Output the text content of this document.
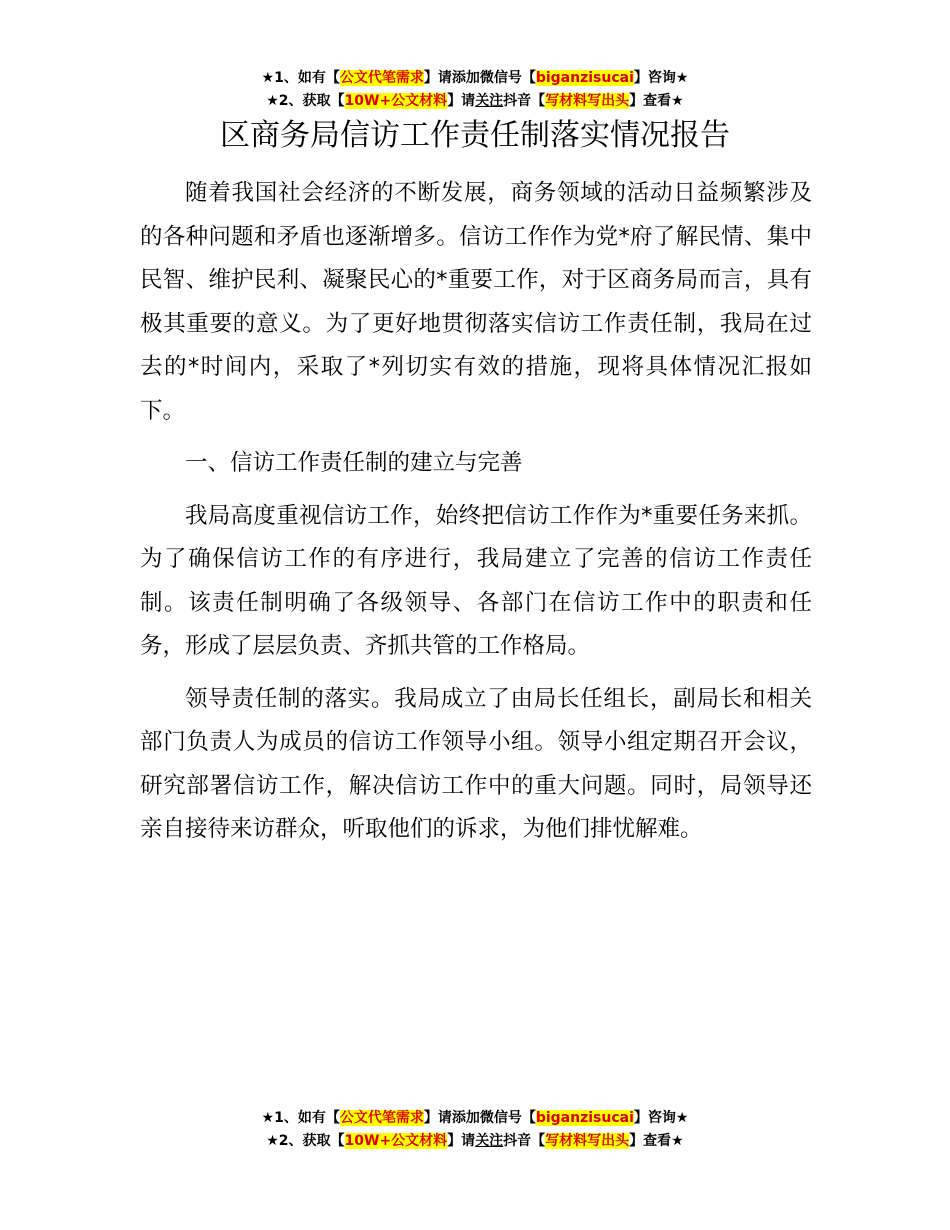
★1、如有【公文代笔需求】请添加微信号【biganzisucai】咨询★
★2、获取【10W+公文材料】请关注抖音【写材料写出头】查看★
区商务局信访工作责任制落实情况报告

随着我国社会经济的不断发展，商务领域的活动日益频繁涉及的各种问题和矛盾也逐渐增多。信访工作作为党*府了解民情、集中民智、维护民利、凝聚民心的*重要工作，对于区商务局而言，具有极其重要的意义。为了更好地贯彻落实信访工作责任制，我局在过去的*时间内，采取了*列切实有效的措施，现将具体情况汇报如下。

一、信访工作责任制的建立与完善

我局高度重视信访工作，始终把信访工作作为*重要任务来抓。为了确保信访工作的有序进行，我局建立了完善的信访工作责任制。该责任制明确了各级领导、各部门在信访工作中的职责和任务，形成了层层负责、齐抓共管的工作格局。

领导责任制的落实。我局成立了由局长任组长，副局长和相关部门负责人为成员的信访工作领导小组。领导小组定期召开会议，研究部署信访工作，解决信访工作中的重大问题。同时，局领导还亲自接待来访群众，听取他们的诉求，为他们排忧解难。

★1、如有【公文代笔需求】请添加微信号【biganzisucai】咨询★
★2、获取【10W+公文材料】请关注抖音【写材料写出头】查看★
